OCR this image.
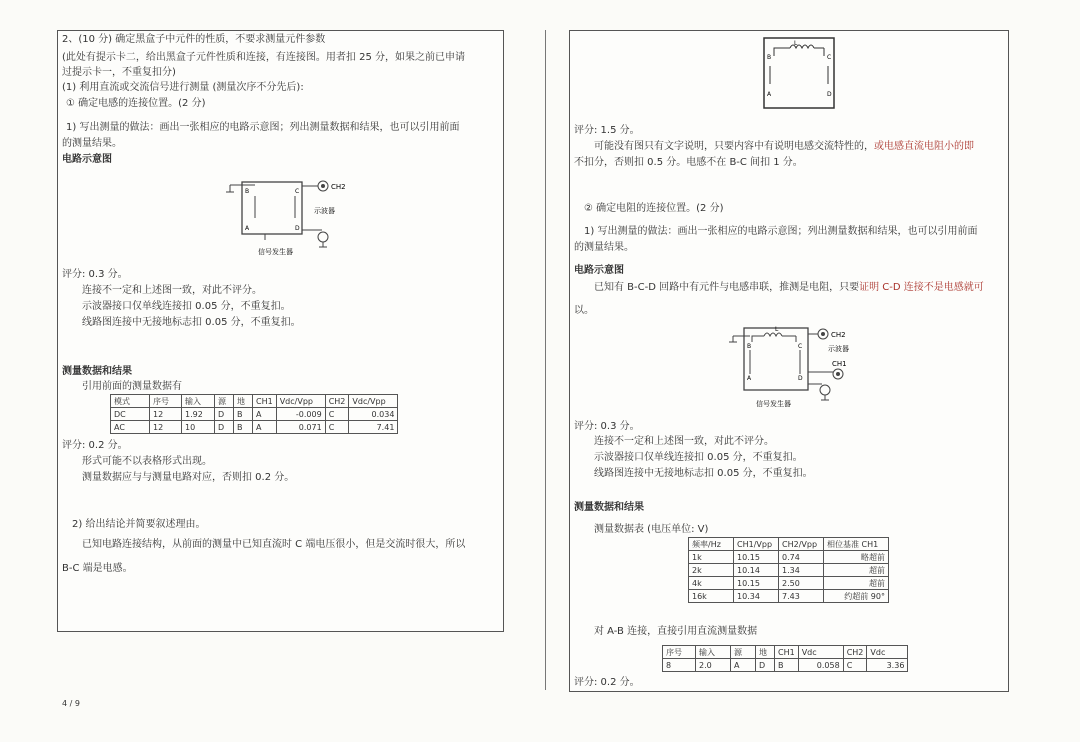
2、(10 分) 确定黑盒子中元件的性质，不要求测量元件参数
(此处有提示卡二，给出黑盒子元件性质和连接，有连接图。用者扣 25 分，如果之前已申请
过提示卡一，不重复扣分)
(1) 利用直流或交流信号进行测量 (测量次序不分先后):
① 确定电感的连接位置。(2 分)
1) 写出测量的做法：画出一张相应的电路示意图；列出测量数据和结果，也可以引用前面
的测量结果。
电路示意图
B	C
A	D
CH2
示波器
信号发生器
评分: 0.3 分。
连接不一定和上述图一致，对此不评分。
示波器接口仅单线连接扣 0.05 分，不重复扣。
线路图连接中无接地标志扣 0.05 分，不重复扣。
测量数据和结果
引用前面的测量数据有
模式	序号	输入	源	地	CH1	Vdc/Vpp	CH2	Vdc/Vpp
DC	12	1.92	D	B	A	-0.009	C	0.034
AC	12	10	D	B	A	0.071	C	7.41
评分: 0.2 分。
形式可能不以表格形式出现。
测量数据应与与测量电路对应，否则扣 0.2 分。
2) 给出结论并简要叙述理由。
已知电路连接结构，从前面的测量中已知直流时 C 端电压很小，但是交流时很大，所以
B-C 端是电感。
4 / 9
L
B	C
A	D
评分: 1.5 分。
可能没有图只有文字说明，只要内容中有说明电感交流特性的，或电感直流电阻小的即
不扣分，否则扣 0.5 分。电感不在 B-C 间扣 1 分。
② 确定电阻的连接位置。(2 分)
1) 写出测量的做法：画出一张相应的电路示意图；列出测量数据和结果，也可以引用前面
的测量结果。
电路示意图
已知有 B-C-D 回路中有元件与电感串联，推测是电阻，只要证明 C-D 连接不是电感就可
以。
L
B	C
A	D
CH2
示波器
CH1
信号发生器
评分: 0.3 分。
连接不一定和上述图一致，对此不评分。
示波器接口仅单线连接扣 0.05 分，不重复扣。
线路图连接中无接地标志扣 0.05 分，不重复扣。
测量数据和结果
测量数据表 (电压单位: V)
频率/Hz	CH1/Vpp	CH2/Vpp	相位基准 CH1
1k	10.15	0.74	略超前
2k	10.14	1.34	超前
4k	10.15	2.50	超前
16k	10.34	7.43	约超前 90°
对 A-B 连接，直接引用直流测量数据
序号	输入	源	地	CH1	Vdc	CH2	Vdc
8	2.0	A	D	B	0.058	C	3.36
评分: 0.2 分。
